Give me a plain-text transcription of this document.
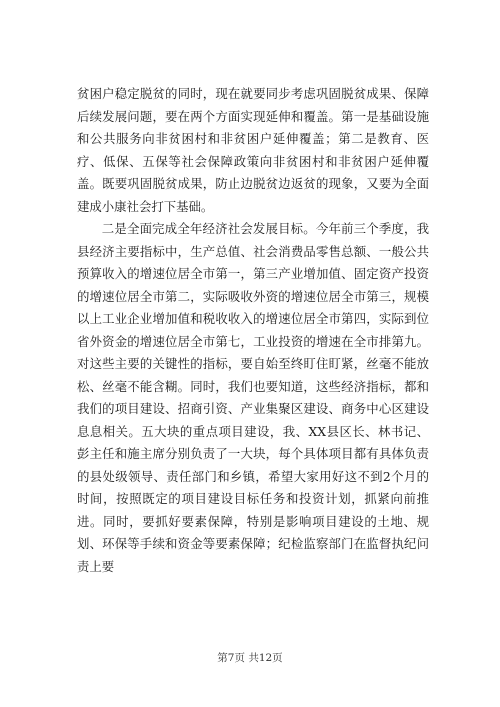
贫困户稳定脱贫的同时，现在就要同步考虑巩固脱贫成果、保障后续发展问题，要在两个方面实现延伸和覆盖。第一是基础设施和公共服务向非贫困村和非贫困户延伸覆盖；第二是教育、医疗、低保、五保等社会保障政策向非贫困村和非贫困户延伸覆盖。既要巩固脱贫成果，防止边脱贫边返贫的现象，又要为全面建成小康社会打下基础。

二是全面完成全年经济社会发展目标。今年前三个季度，我县经济主要指标中，生产总值、社会消费品零售总额、一般公共预算收入的增速位居全市第一，第三产业增加值、固定资产投资的增速位居全市第二，实际吸收外资的增速位居全市第三，规模以上工业企业增加值和税收收入的增速位居全市第四，实际到位省外资金的增速位居全市第七，工业投资的增速在全市排第九。对这些主要的关键性的指标，要自始至终盯住盯紧，丝毫不能放松、丝毫不能含糊。同时，我们也要知道，这些经济指标，都和我们的项目建设、招商引资、产业集聚区建设、商务中心区建设息息相关。五大块的重点项目建设，我、XX县区长、林书记、彭主任和施主席分别负责了一大块，每个具体项目都有具体负责的县处级领导、责任部门和乡镇，希望大家用好这不到2个月的时间，按照既定的项目建设目标任务和投资计划，抓紧向前推进。同时，要抓好要素保障，特别是影响项目建设的土地、规划、环保等手续和资金等要素保障；纪检监察部门在监督执纪问责上要

第7页 共12页
